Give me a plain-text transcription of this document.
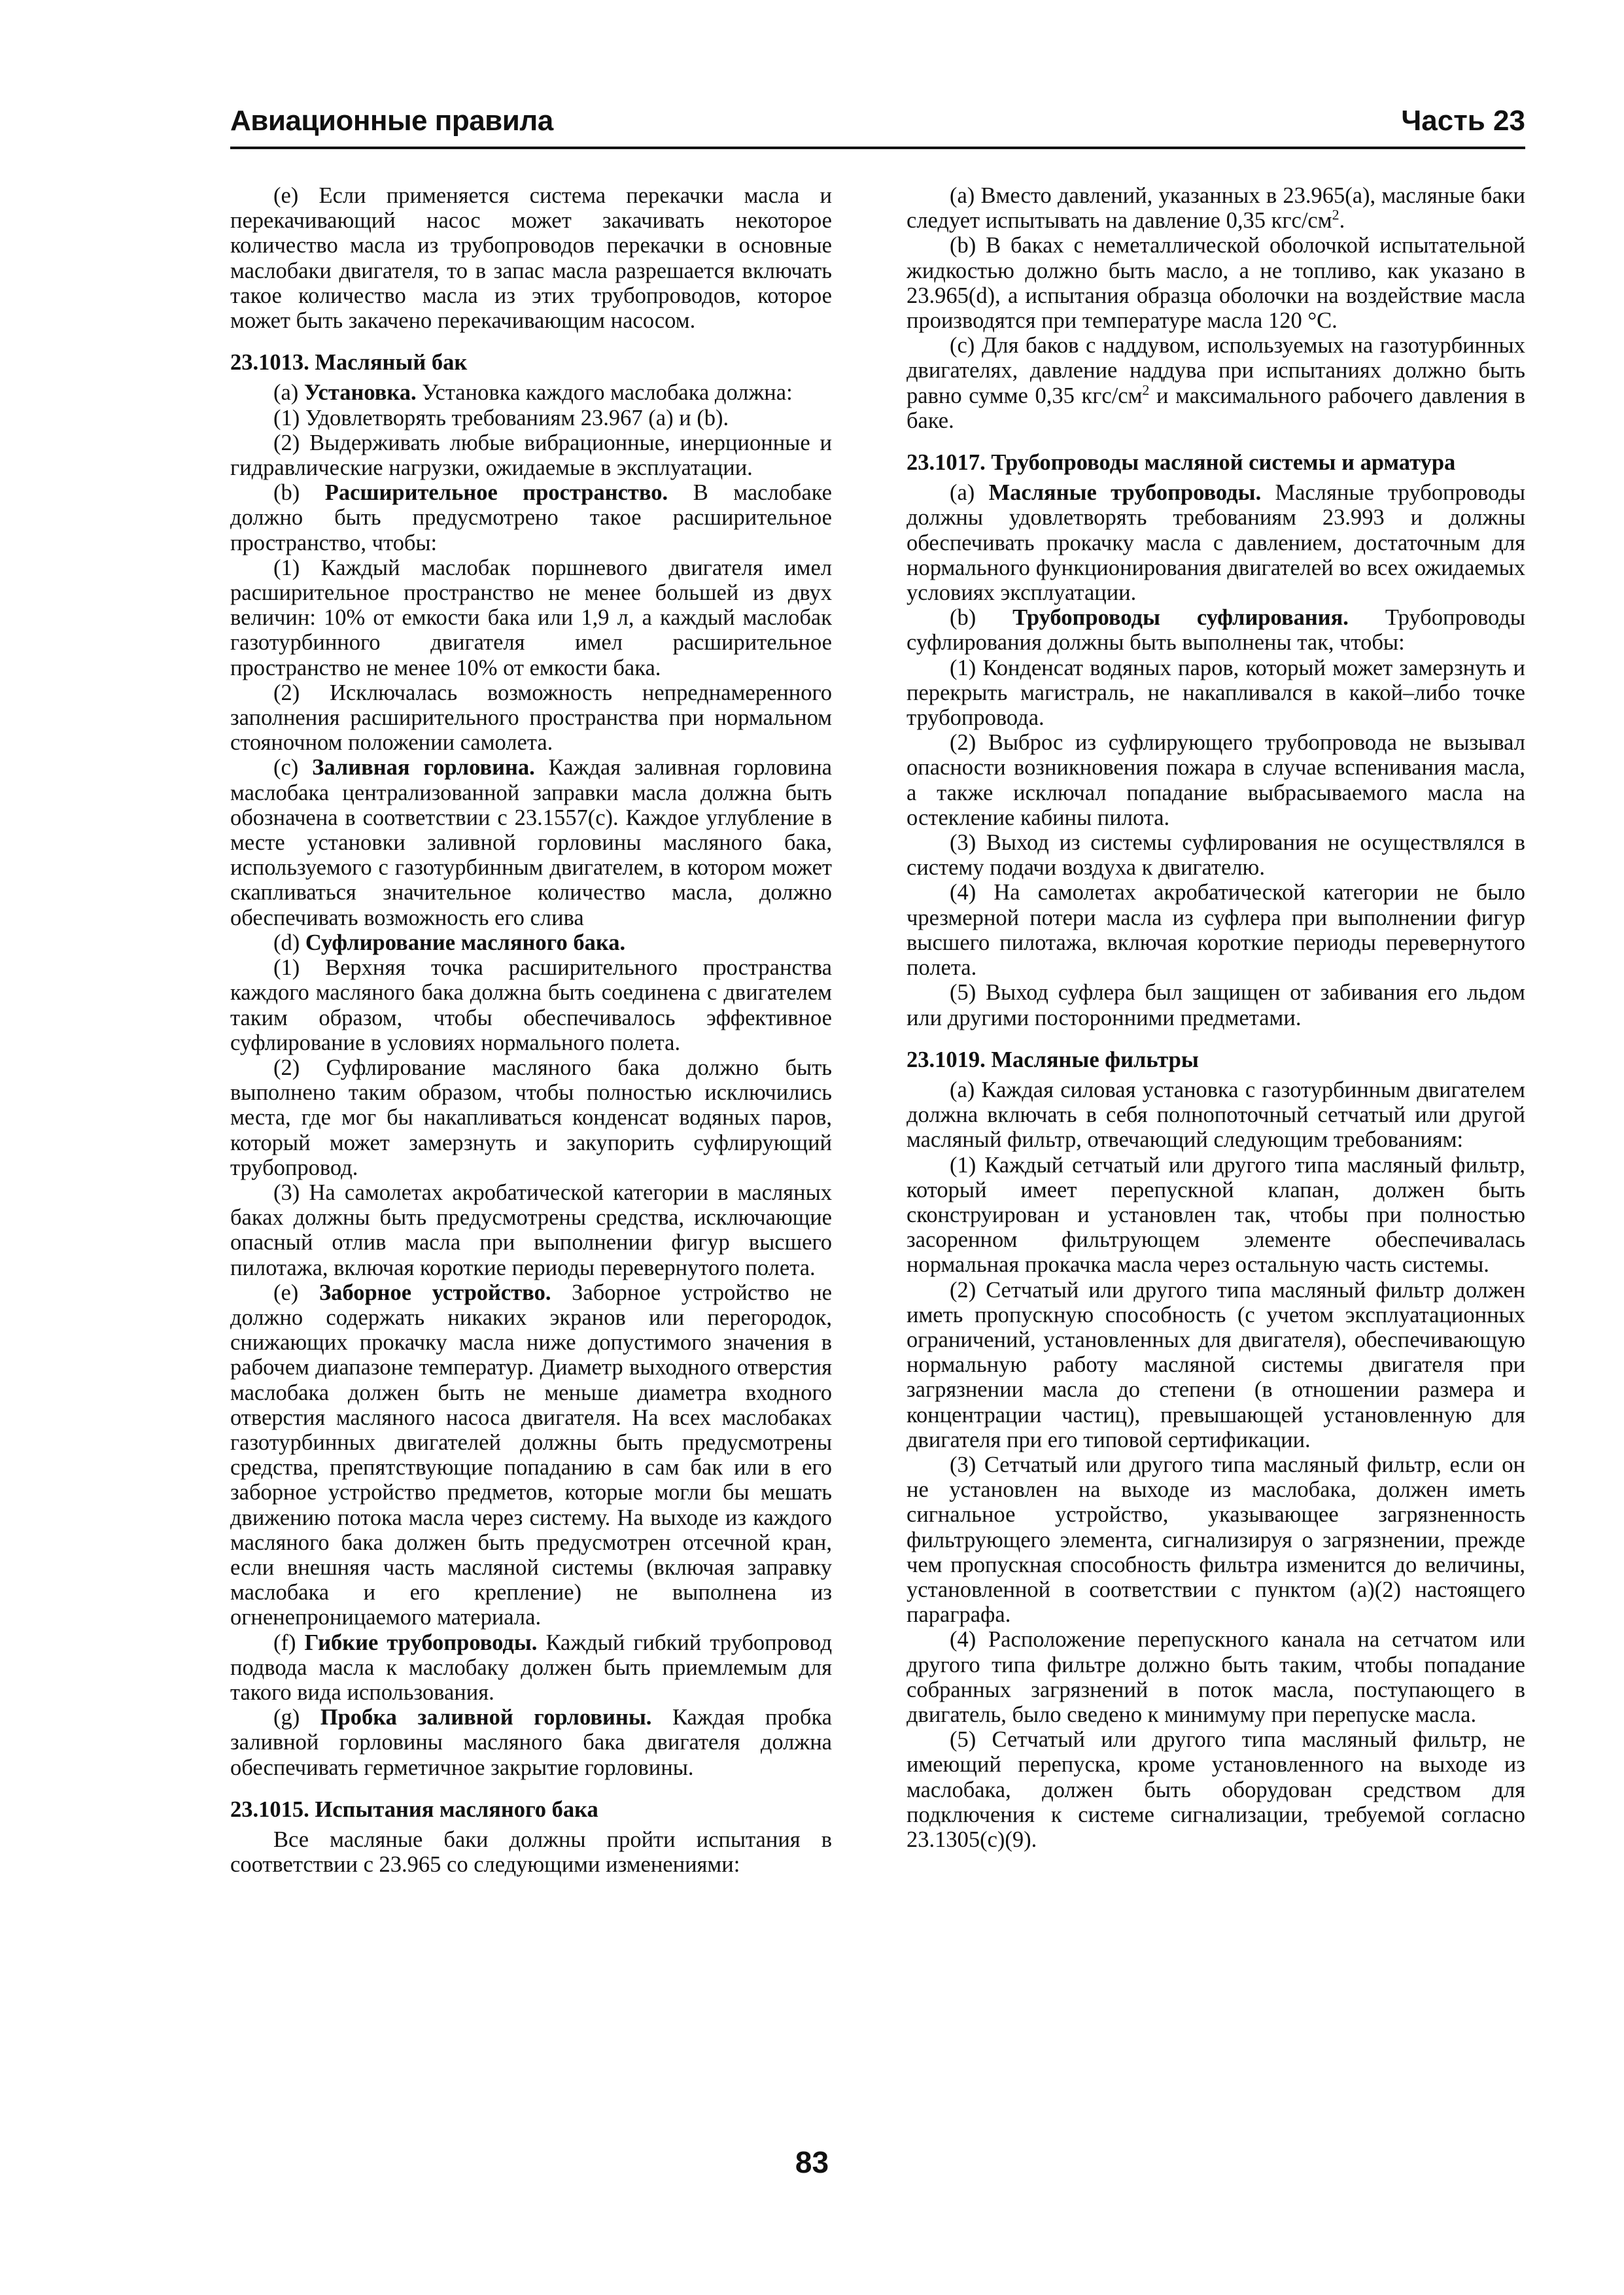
Авиационные правила	Часть 23

(е) Если применяется система перекачки масла и перекачивающий насос может закачивать некоторое количество масла из трубопроводов перекачки в основные маслобаки двигателя, то в запас масла разрешается включать такое количество масла из этих трубопроводов, которое может быть закачено перекачивающим насосом.

23.1013. Масляный бак

(а) Установка. Установка каждого маслобака должна:

(1) Удовлетворять требованиям 23.967 (а) и (b).

(2) Выдерживать любые вибрационные, инерционные и гидравлические нагрузки, ожидаемые в эксплуатации.

(b) Расширительное пространство. В маслобаке должно быть предусмотрено такое расширительное пространство, чтобы:

(1) Каждый маслобак поршневого двигателя имел расширительное пространство не менее большей из двух величин: 10% от емкости бака или 1,9 л, а каждый маслобак газотурбинного двигателя имел расширительное пространство не менее 10% от емкости бака.

(2) Исключалась возможность непреднамеренного заполнения расширительного пространства при нормальном стояночном положении самолета.

(с) Заливная горловина. Каждая заливная горловина маслобака централизованной заправки масла должна быть обозначена в соответствии с 23.1557(с). Каждое углубление в месте установки заливной горловины масляного бака, используемого с газотурбинным двигателем, в котором может скапливаться значительное количество масла, должно обеспечивать возможность его слива

(d) Суфлирование масляного бака.

(1) Верхняя точка расширительного пространства каждого масляного бака должна быть соединена с двигателем таким образом, чтобы обеспечивалось эффективное суфлирование в условиях нормального полета.

(2) Суфлирование масляного бака должно быть выполнено таким образом, чтобы полностью исключились места, где мог бы накапливаться конденсат водяных паров, который может замерзнуть и закупорить суфлирующий трубопровод.

(3) На самолетах акробатической категории в масляных баках должны быть предусмотрены средства, исключающие опасный отлив масла при выполнении фигур высшего пилотажа, включая короткие периоды перевернутого полета.

(е) Заборное устройство. Заборное устройство не должно содержать никаких экранов или перегородок, снижающих прокачку масла ниже допустимого значения в рабочем диапазоне температур. Диаметр выходного отверстия маслобака должен быть не меньше диаметра входного отверстия масляного насоса двигателя. На всех маслобаках газотурбинных двигателей должны быть предусмотрены средства, препятствующие попаданию в сам бак или в его заборное устройство предметов, которые могли бы мешать движению потока масла через систему. На выходе из каждого масляного бака должен быть предусмотрен отсечной кран, если внешняя часть масляной системы (включая заправку маслобака и его крепление) не выполнена из огненепроницаемого материала.

(f) Гибкие трубопроводы. Каждый гибкий трубопровод подвода масла к маслобаку должен быть приемлемым для такого вида использования.

(g) Пробка заливной горловины. Каждая пробка заливной горловины масляного бака двигателя должна обеспечивать герметичное закрытие горловины.

23.1015. Испытания масляного бака

Все масляные баки должны пройти испытания в соответствии с 23.965 со следующими изменениями:

(а) Вместо давлений, указанных в 23.965(а), масляные баки следует испытывать на давление 0,35 кгс/$см^2$.

(b) В баках с неметаллической оболочкой испытательной жидкостью должно быть масло, а не топливо, как указано в 23.965(d), а испытания образца оболочки на воздействие масла производятся при температуре масла 120 °С.

(с) Для баков с наддувом, используемых на газотурбинных двигателях, давление наддува при испытаниях должно быть равно сумме 0,35 кгс/$см^2$ и максимального рабочего давления в баке.

23.1017. Трубопроводы масляной системы и арматура

(а) Масляные трубопроводы. Масляные трубопроводы должны удовлетворять требованиям 23.993 и должны обеспечивать прокачку масла с давлением, достаточным для нормального функционирования двигателей во всех ожидаемых условиях эксплуатации.

(b) Трубопроводы суфлирования. Трубопроводы суфлирования должны быть выполнены так, чтобы:

(1) Конденсат водяных паров, который может замерзнуть и перекрыть магистраль, не накапливался в какой–либо точке трубопровода.

(2) Выброс из суфлирующего трубопровода не вызывал опасности возникновения пожара в случае вспенивания масла, а также исключал попадание выбрасываемого масла на остекление кабины пилота.

(3) Выход из системы суфлирования не осуществлялся в систему подачи воздуха к двигателю.

(4) На самолетах акробатической категории не было чрезмерной потери масла из суфлера при выполнении фигур высшего пилотажа, включая короткие периоды перевернутого полета.

(5) Выход суфлера был защищен от забивания его льдом или другими посторонними предметами.

23.1019. Масляные фильтры

(а) Каждая силовая установка с газотурбинным двигателем должна включать в себя полнопоточный сетчатый или другой масляный фильтр, отвечающий следующим требованиям:

(1) Каждый сетчатый или другого типа масляный фильтр, который имеет перепускной клапан, должен быть сконструирован и установлен так, чтобы при полностью засоренном фильтрующем элементе обеспечивалась нормальная прокачка масла через остальную часть системы.

(2) Сетчатый или другого типа масляный фильтр должен иметь пропускную способность (с учетом эксплуатационных ограничений, установленных для двигателя), обеспечивающую нормальную работу масляной системы двигателя при загрязнении масла до степени (в отношении размера и концентрации частиц), превышающей установленную для двигателя при его типовой сертификации.

(3) Сетчатый или другого типа масляный фильтр, если он не установлен на выходе из маслобака, должен иметь сигнальное устройство, указывающее загрязненность фильтрующего элемента, сигнализируя о загрязнении, прежде чем пропускная способность фильтра изменится до величины, установленной в соответствии с пунктом (а)(2) настоящего параграфа.

(4) Расположение перепускного канала на сетчатом или другого типа фильтре должно быть таким, чтобы попадание собранных загрязнений в поток масла, поступающего в двигатель, было сведено к минимуму при перепуске масла.

(5) Сетчатый или другого типа масляный фильтр, не имеющий перепуска, кроме установленного на выходе из маслобака, должен быть оборудован средством для подключения к системе сигнализации, требуемой согласно 23.1305(с)(9).

83
